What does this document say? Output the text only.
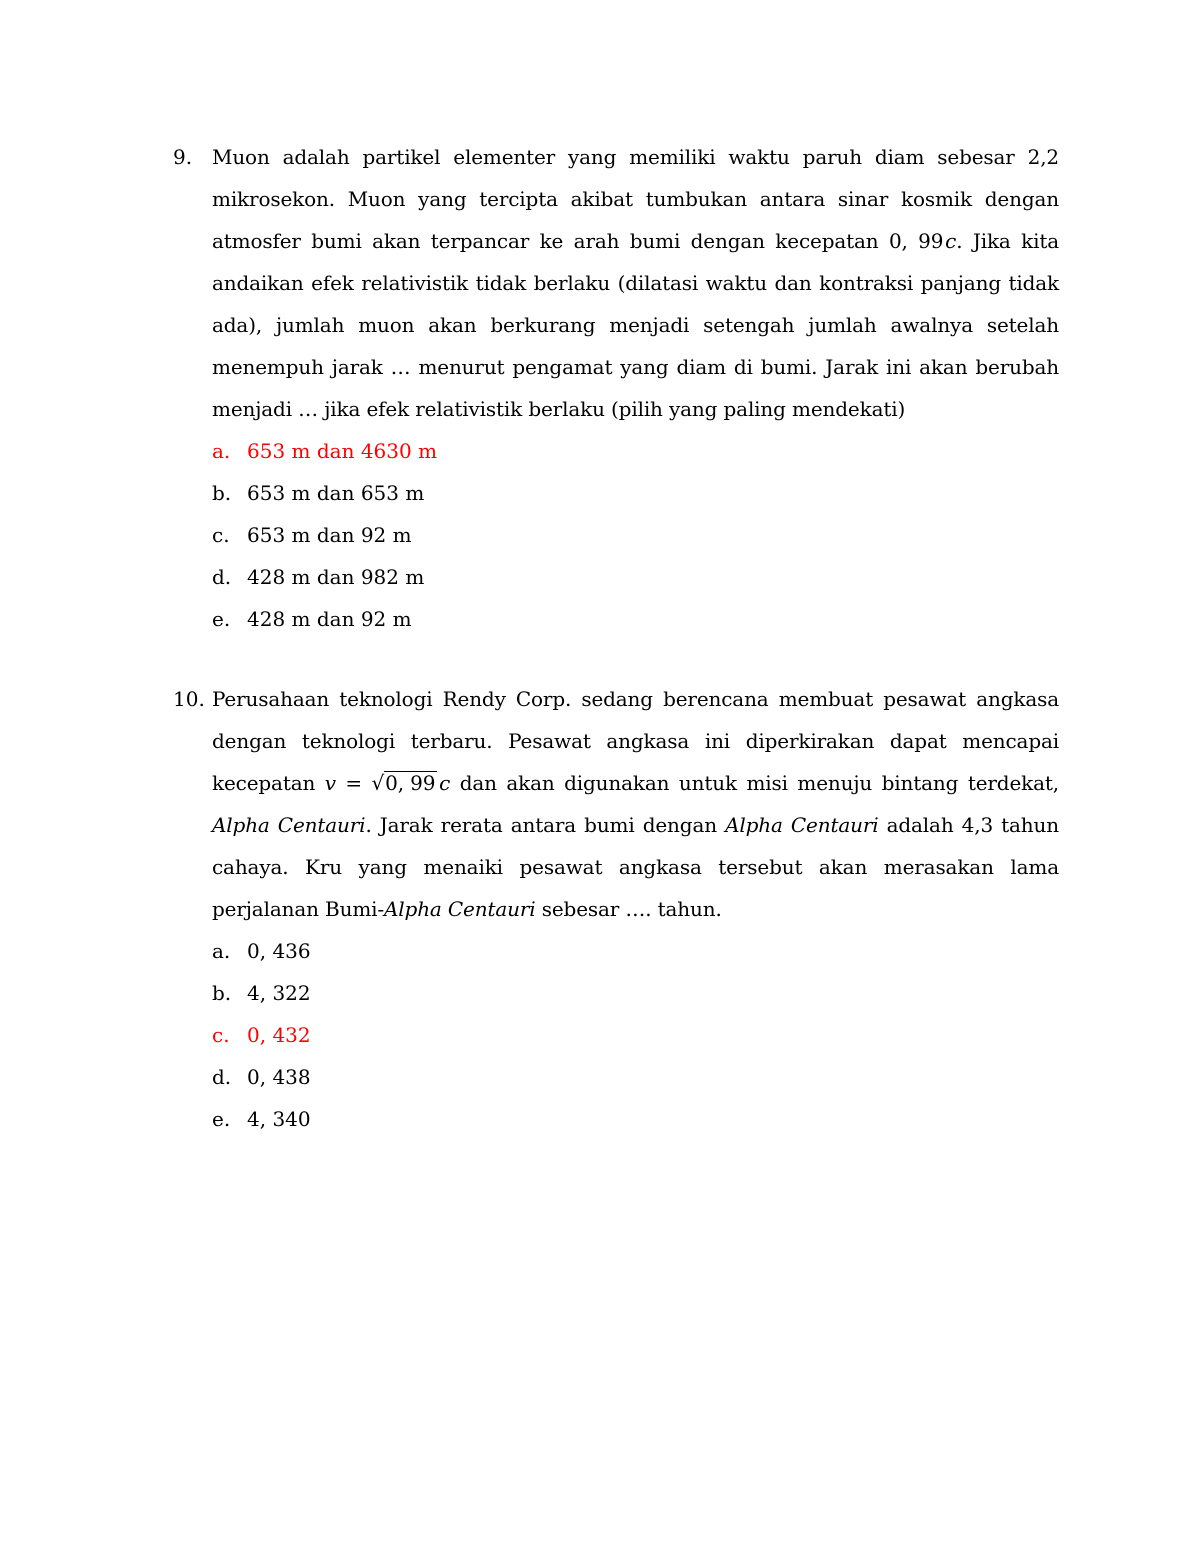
9. Muon adalah partikel elementer yang memiliki waktu paruh diam sebesar 2,2 mikrosekon. Muon yang tercipta akibat tumbukan antara sinar kosmik dengan atmosfer bumi akan terpancar ke arah bumi dengan kecepatan 0, 99 c. Jika kita andaikan efek relativistik tidak berlaku (dilatasi waktu dan kontraksi panjang tidak ada), jumlah muon akan berkurang menjadi setengah jumlah awalnya setelah menempuh jarak … menurut pengamat yang diam di bumi. Jarak ini akan berubah menjadi … jika efek relativistik berlaku (pilih yang paling mendekati)
a. 653 m dan 4630 m
b. 653 m dan 653 m
c. 653 m dan 92 m
d. 428 m dan 982 m
e. 428 m dan 92 m
10. Perusahaan teknologi Rendy Corp. sedang berencana membuat pesawat angkasa dengan teknologi terbaru. Pesawat angkasa ini diperkirakan dapat mencapai kecepatan v = √0, 99  c dan akan digunakan untuk misi menuju bintang terdekat, Alpha Centauri. Jarak rerata antara bumi dengan Alpha Centauri adalah 4,3 tahun cahaya. Kru yang menaiki pesawat angkasa tersebut akan merasakan lama perjalanan Bumi-Alpha Centauri sebesar …. tahun.
a. 0, 436
b. 4, 322
c. 0, 432
d. 0, 438
e. 4, 340
